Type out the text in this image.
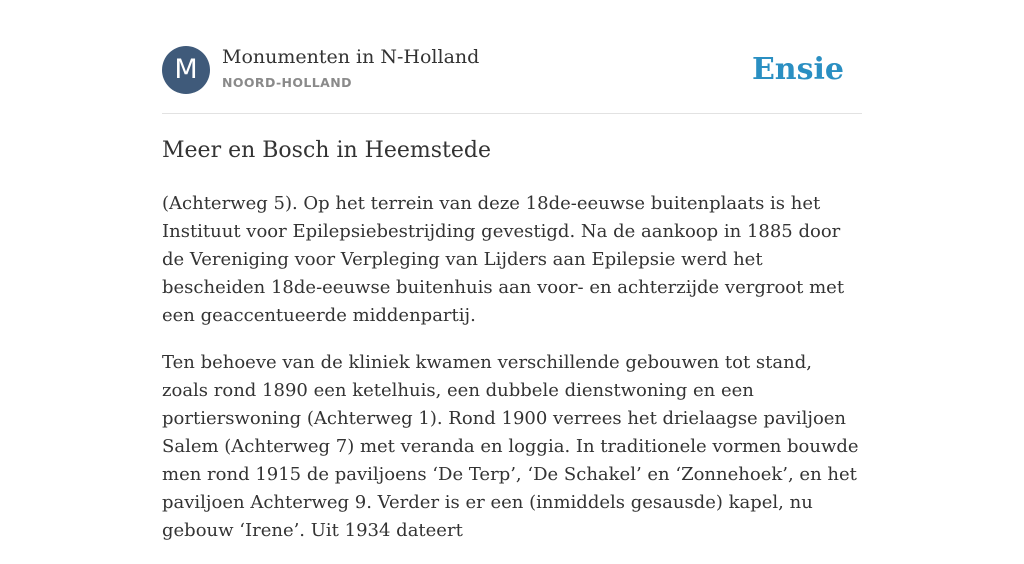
M	Monumenten in N-Holland
NOORD-HOLLAND	Ensie
Meer en Bosch in Heemstede

(Achterweg 5). Op het terrein van deze 18de-eeuwse buitenplaats is het Instituut voor Epilepsiebestrijding gevestigd. Na de aankoop in 1885 door de Vereniging voor Verpleging van Lijders aan Epilepsie werd het bescheiden 18de-eeuwse buitenhuis aan voor- en achterzijde vergroot met een geaccentueerde middenpartij.

Ten behoeve van de kliniek kwamen verschillende gebouwen tot stand, zoals rond 1890 een ketelhuis, een dubbele dienstwoning en een portierswoning (Achterweg 1). Rond 1900 verrees het drielaagse paviljoen Salem (Achterweg 7) met veranda en loggia. In traditionele vormen bouwde men rond 1915 de paviljoens ‘De Terp’, ‘De Schakel’ en ‘Zonnehoek’, en het paviljoen Achterweg 9. Verder is er een (inmiddels gesausde) kapel, nu gebouw ‘Irene’. Uit 1934 dateert
